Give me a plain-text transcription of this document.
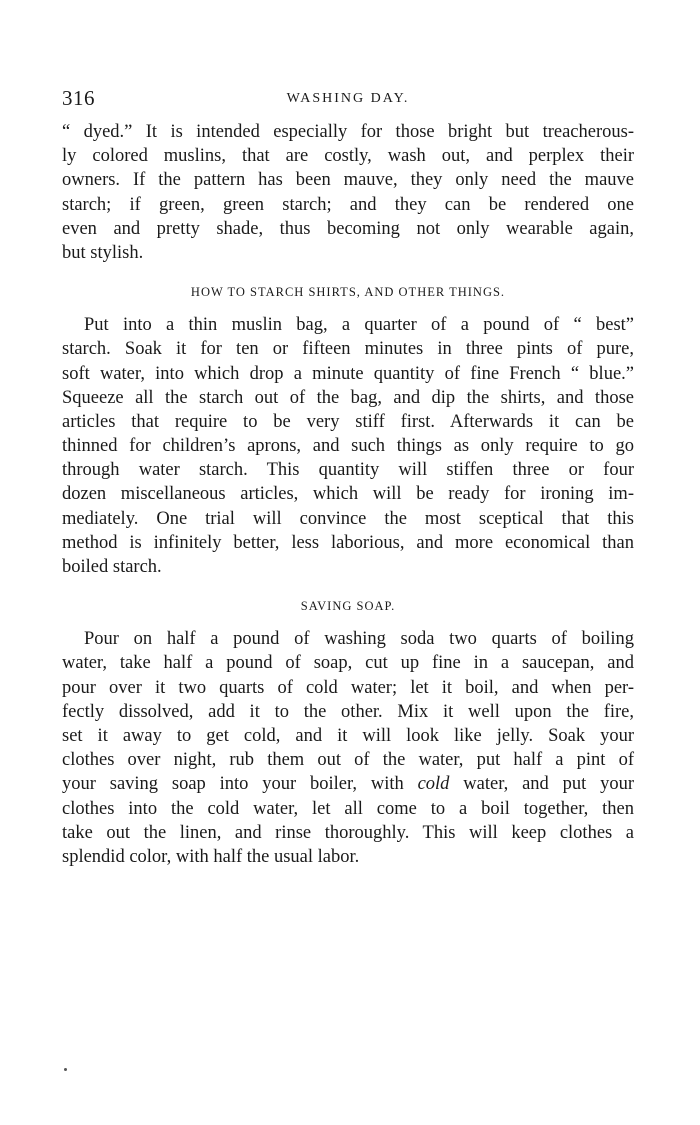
316	WASHING DAY.
“ dyed.” It is intended especially for those bright but treacherous-
ly colored muslins, that are costly, wash out, and perplex their
owners. If the pattern has been mauve, they only need the mauve
starch; if green, green starch; and they can be rendered one
even and pretty shade, thus becoming not only wearable again,
but stylish.
HOW TO STARCH SHIRTS, AND OTHER THINGS.
Put into a thin muslin bag, a quarter of a pound of “ best”
starch. Soak it for ten or fifteen minutes in three pints of pure,
soft water, into which drop a minute quantity of fine French “ blue.”
Squeeze all the starch out of the bag, and dip the shirts, and those
articles that require to be very stiff first. Afterwards it can be
thinned for children’s aprons, and such things as only require to go
through water starch. This quantity will stiffen three or four
dozen miscellaneous articles, which will be ready for ironing im-
mediately. One trial will convince the most sceptical that this
method is infinitely better, less laborious, and more economical than
boiled starch.
SAVING SOAP.
Pour on half a pound of washing soda two quarts of boiling
water, take half a pound of soap, cut up fine in a saucepan, and
pour over it two quarts of cold water; let it boil, and when per-
fectly dissolved, add it to the other. Mix it well upon the fire,
set it away to get cold, and it will look like jelly. Soak your
clothes over night, rub them out of the water, put half a pint of
your saving soap into your boiler, with cold water, and put your
clothes into the cold water, let all come to a boil together, then
take out the linen, and rinse thoroughly. This will keep clothes a
splendid color, with half the usual labor.
